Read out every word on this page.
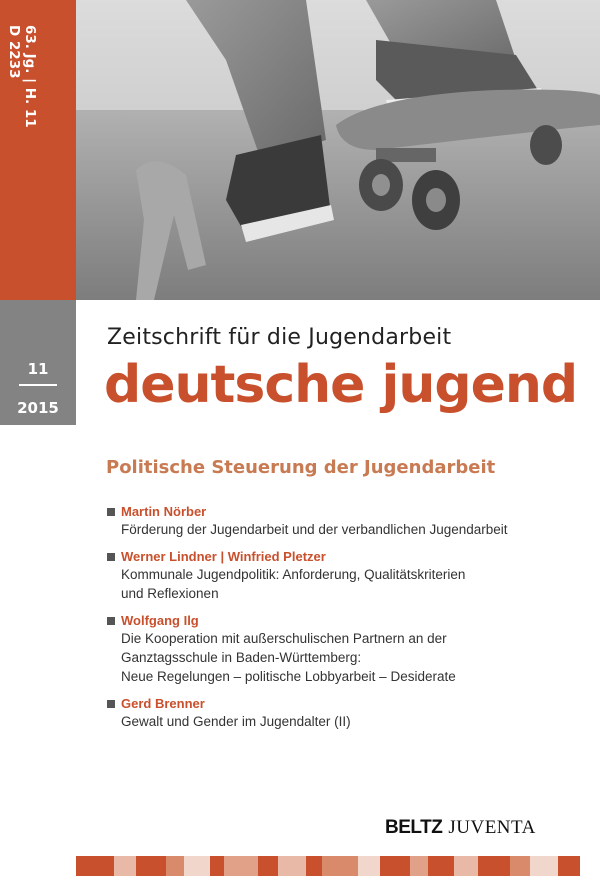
63. Jg. | H. 11
D 2233
11
2015
Zeitschrift für die Jugendarbeit
deutsche jugend
Politische Steuerung der Jugendarbeit
Martin Nörber
Förderung der Jugendarbeit und der verbandlichen Jugendarbeit
Werner Lindner | Winfried Pletzer
Kommunale Jugendpolitik: Anforderung, Qualitätskriterien
und Reflexionen
Wolfgang Ilg
Die Kooperation mit außerschulischen Partnern an der
Ganztagsschule in Baden-Württemberg:
Neue Regelungen – politische Lobbyarbeit – Desiderate
Gerd Brenner
Gewalt und Gender im Jugendalter (II)
BELTZ JUVENTA
